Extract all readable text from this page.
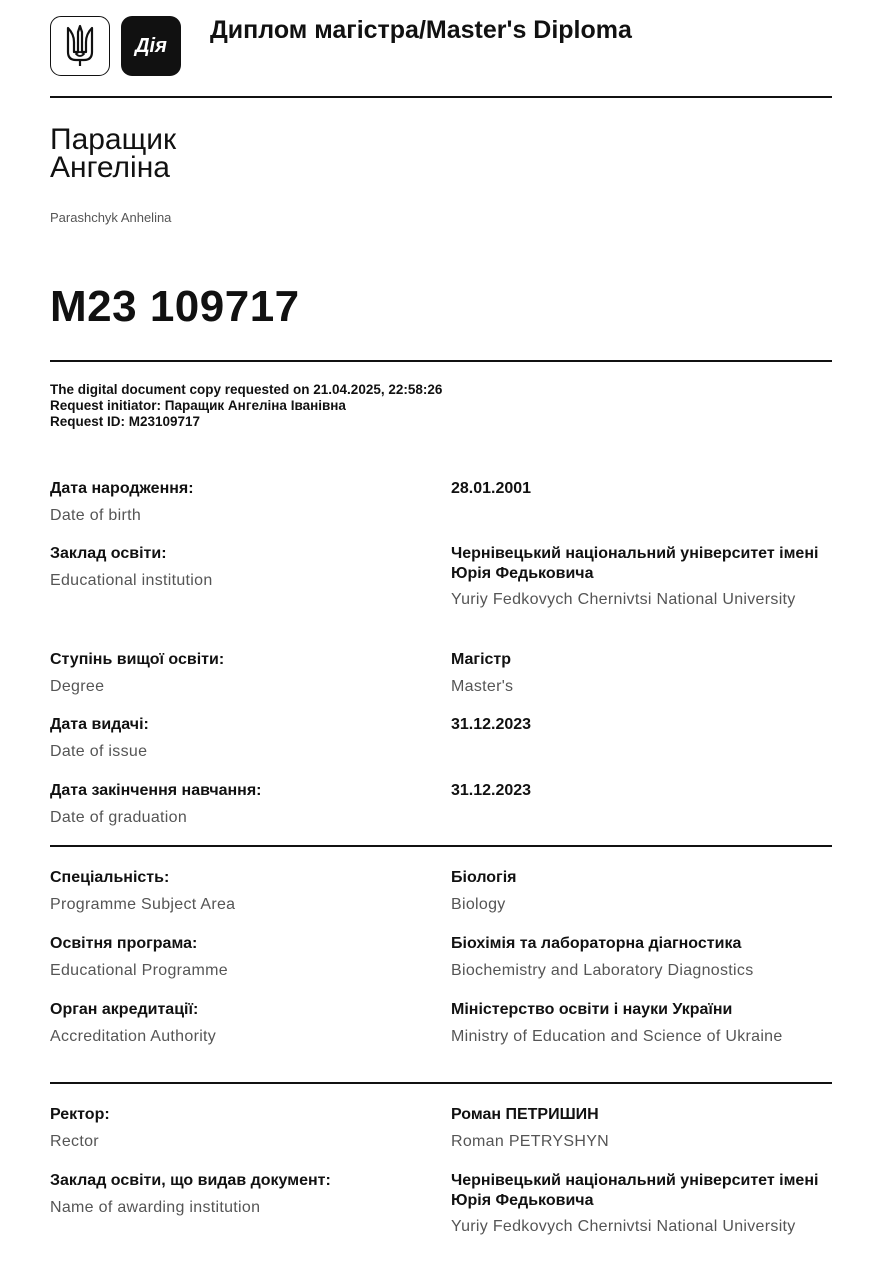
Дія
Диплом магістра/Master's Diploma
Паращик
Ангеліна
Parashchyk Anhelina
M23 109717
The digital document copy requested on 21.04.2025, 22:58:26
Request initiator: Паращик Ангеліна Іванівна
Request ID: M23109717
Дата народження:
Date of birth
28.01.2001
Заклад освіти:
Educational institution
Чернівецький національний університет імені Юрія Федьковича
Yuriy Fedkovych Chernivtsi National University
Ступінь вищої освіти:
Degree
Магістр
Master's
Дата видачі:
Date of issue
31.12.2023
Дата закінчення навчання:
Date of graduation
31.12.2023
Спеціальність:
Programme Subject Area
Біологія
Biology
Освітня програма:
Educational Programme
Біохімія та лабораторна діагностика
Biochemistry and Laboratory Diagnostics
Орган акредитації:
Accreditation Authority
Міністерство освіти і науки України
Ministry of Education and Science of Ukraine
Ректор:
Rector
Роман ПЕТРИШИН
Roman PETRYSHYN
Заклад освіти, що видав документ:
Name of awarding institution
Чернівецький національний університет імені Юрія Федьковича
Yuriy Fedkovych Chernivtsi National University
